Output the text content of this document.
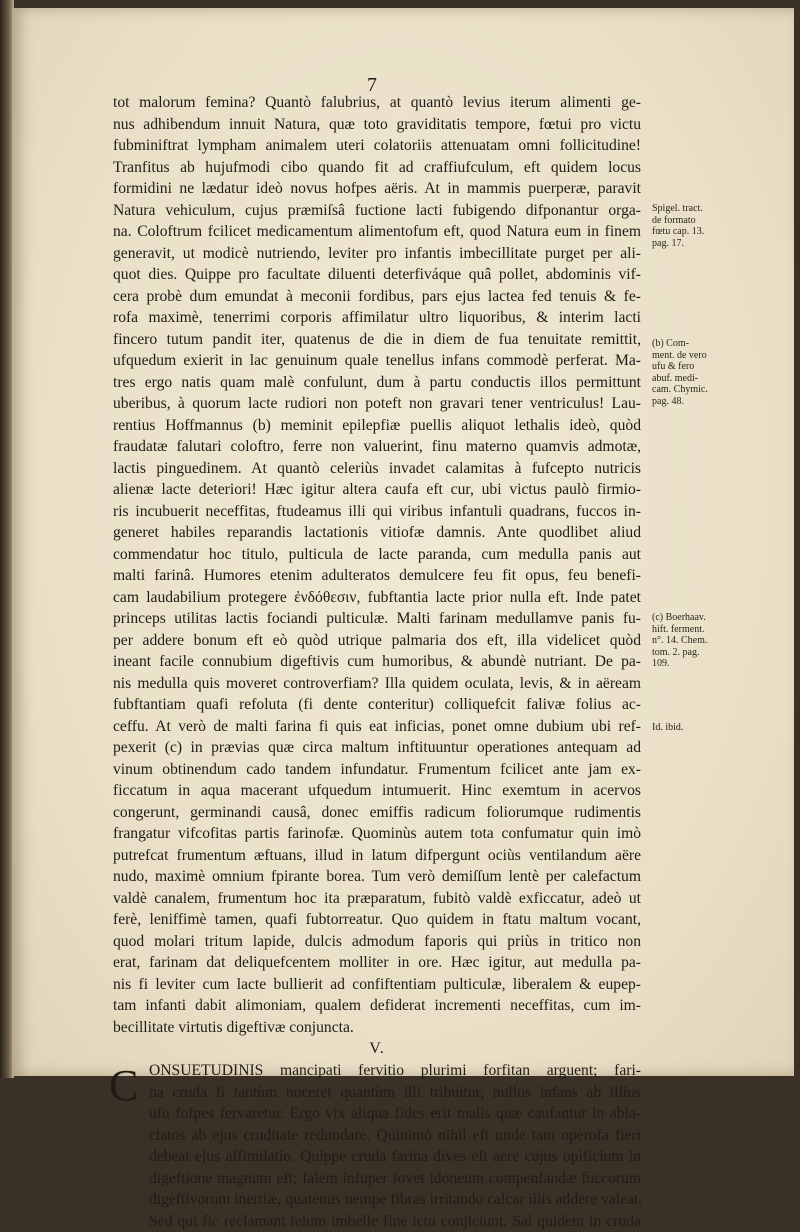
7
tot malorum femina? Quantò falubrius, at quantò levius iterum alimenti ge-
nus adhibendum innuit Natura, quæ toto graviditatis tempore, fœtui pro victu
fubminiftrat lympham animalem uteri colatoriis attenuatam omni follicitudine!
Tranfitus ab hujufmodi cibo quando fit ad craffiufculum, eft quidem locus
formidini ne lædatur ideò novus hofpes aëris. At in mammis puerperæ, paravit
Natura vehiculum, cujus præmiſsâ fuctione lacti fubigendo difponantur orga-
na. Coloftrum fcilicet medicamentum alimentofum eft, quod Natura eum in finem
generavit, ut modicè nutriendo, leviter pro infantis imbecillitate purget per ali-
quot dies. Quippe pro facultate diluenti deterfiváque quâ pollet, abdominis vif-
cera probè dum emundat à meconii fordibus, pars ejus lactea fed tenuis & fe-
rofa maximè, tenerrimi corporis affimilatur ultro liquoribus, & interim lacti
fincero tutum pandit iter, quatenus de die in diem de fua tenuitate remittit,
ufquedum exierit in lac genuinum quale tenellus infans commodè perferat. Ma-
tres ergo natis quam malè confulunt, dum à partu conductis illos permittunt
uberibus, à quorum lacte rudiori non poteft non gravari tener ventriculus! Lau-
rentius Hoffmannus (b) meminit epilepfiæ puellis aliquot lethalis ideò, quòd
fraudatæ falutari coloftro, ferre non valuerint, finu materno quamvis admotæ,
lactis pinguedinem. At quantò celeriùs invadet calamitas à fufcepto nutricis
alienæ lacte deteriori! Hæc igitur altera caufa eft cur, ubi victus paulò firmio-
ris incubuerit neceffitas, ftudeamus illi qui viribus infantuli quadrans, fuccos in-
generet habiles reparandis lactationis vitiofæ damnis. Ante quodlibet aliud
commendatur hoc titulo, pulticula de lacte paranda, cum medulla panis aut
malti farinâ. Humores etenim adulteratos demulcere feu fit opus, feu benefi-
cam laudabilium protegere ἐνδόθεσιν, fubftantia lacte prior nulla eft. Inde patet
princeps utilitas lactis fociandi pulticulæ. Malti farinam medullamve panis fu-
per addere bonum eft eò quòd utrique palmaria dos eft, illa videlicet quòd
ineant facile connubium digeftivis cum humoribus, & abundè nutriant. De pa-
nis medulla quis moveret controverfiam? Illa quidem oculata, levis, & in aëream
fubftantiam quafi refoluta (fi dente conteritur) colliquefcit falivæ folius ac-
ceffu. At verò de malti farina fi quis eat inficias, ponet omne dubium ubi ref-
pexerit (c) in prævias quæ circa maltum inftituuntur operationes antequam ad
vinum obtinendum cado tandem infundatur. Frumentum fcilicet ante jam ex-
ficcatum in aqua macerant ufquedum intumuerit. Hinc exemtum in acervos
congerunt, germinandi causâ, donec emiffis radicum foliorumque rudimentis
frangatur vifcofitas partis farinofæ. Quominùs autem tota confumatur quin imò
putrefcat frumentum æftuans, illud in latum difpergunt ociùs ventilandum aëre
nudo, maximè omnium fpirante borea. Tum verò demiſſum lentè per calefactum
valdè canalem, frumentum hoc ita præparatum, fubitò valdè exficcatur, adeò ut
ferè, leniffimè tamen, quafi fubtorreatur. Quo quidem in ftatu maltum vocant,
quod molari tritum lapide, dulcis admodum faporis qui priùs in tritico non
erat, farinam dat deliquefcentem molliter in ore. Hæc igitur, aut medulla pa-
nis fi leviter cum lacte bullierit ad confiftentiam pulticulæ, liberalem & eupep-
tam infanti dabit alimoniam, qualem defiderat incrementi neceffitas, cum im-
becillitate virtutis digeftivæ conjuncta.
V.
C ONSUETUDINIS mancipati fervitio plurimi forfitan arguent; fari-
na cruda fi tantùm noceret quantùm illi tribuitur, nullus infans ab illius
ufu fofpes fervaretur. Ergo vix aliqua fides erit malis quæ caufantur in abla-
ctatos ab ejus cruditate redundare. Quinimò nihil eft unde tam operofa fieri
debeat ejus affimilatio. Quippe cruda farina dives eft aëre cujus opificium in
digeftione magnum eft; falem infuper fovet idoneum compenfandæ fuccorum
digeftivorum inertiæ, quatenus nempe fibras irritando calcar illis addere valeat.
Sed qui fic reclamant telum imbelle fine ictu conjiciunt. Sal quidem in cruda
Spigel. tract.
de formato
fœtu cap. 13.
pag. 17.
(b) Com-
ment. de vero
ufu & fero
abuf. medi-
cam. Chymic.
pag. 48.
(c) Boerhaav.
hift. ferment.
n°. 14. Chem.
tom. 2. pag.
109.
Id. ibid.
